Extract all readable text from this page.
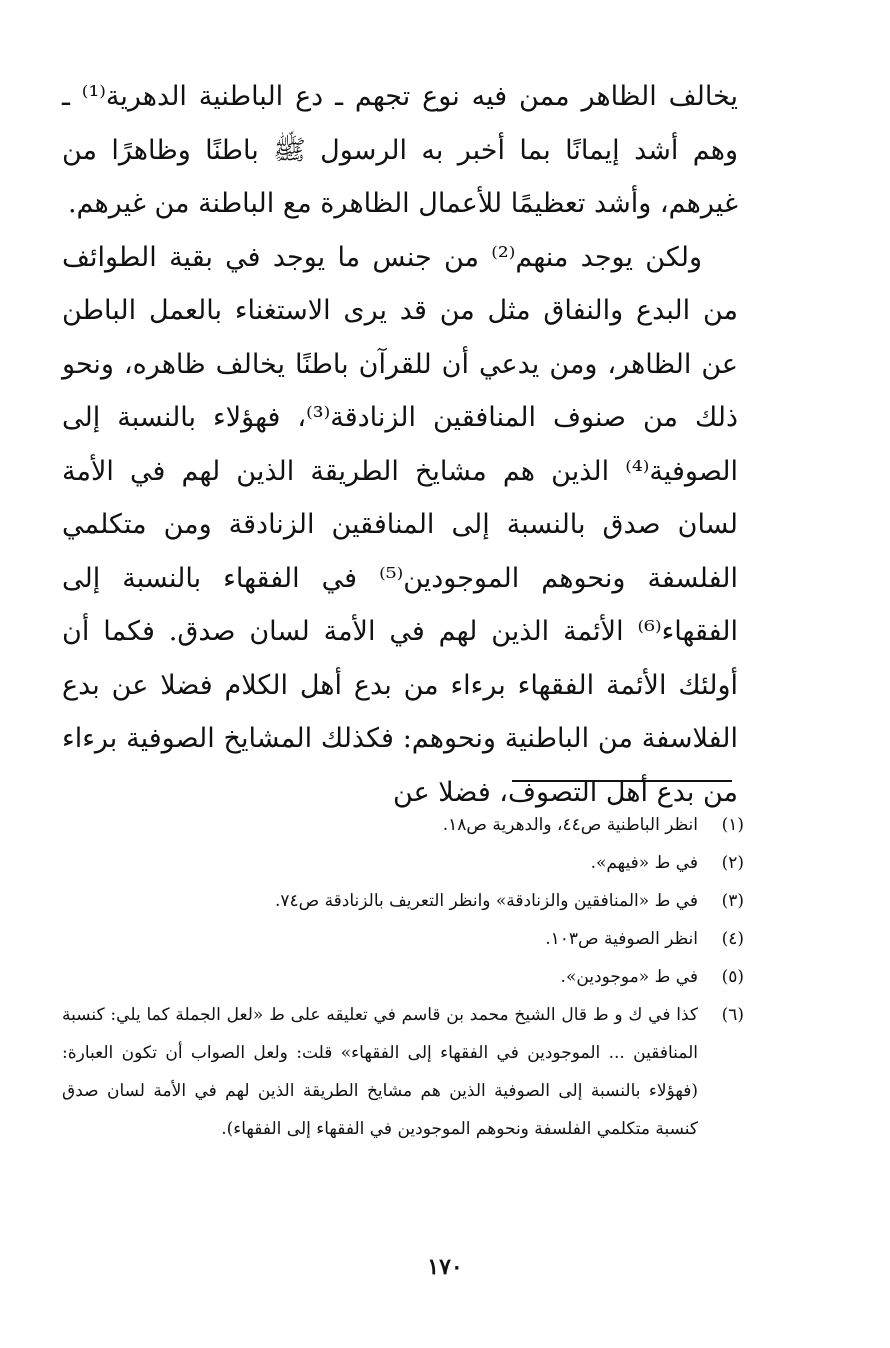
يخالف الظاهر ممن فيه نوع تجهم ـ دع الباطنية الدهرية⁽¹⁾ ـ وهم أشد إيمانًا بما أخبر به الرسول ﷺ باطنًا وظاهرًا من غيرهم، وأشد تعظيمًا للأعمال الظاهرة مع الباطنة من غيرهم.

ولكن يوجد منهم⁽²⁾ من جنس ما يوجد في بقية الطوائف من البدع والنفاق مثل من قد يرى الاستغناء بالعمل الباطن عن الظاهر، ومن يدعي أن للقرآن باطنًا يخالف ظاهره، ونحو ذلك من صنوف المنافقين الزنادقة⁽³⁾، فهؤلاء بالنسبة إلى الصوفية⁽⁴⁾ الذين هم مشايخ الطريقة الذين لهم في الأمة لسان صدق بالنسبة إلى المنافقين الزنادقة ومن متكلمي الفلسفة ونحوهم الموجودين⁽⁵⁾ في الفقهاء بالنسبة إلى الفقهاء⁽⁶⁾ الأئمة الذين لهم في الأمة لسان صدق. فكما أن أولئك الأئمة الفقهاء برءاء من بدع أهل الكلام فضلا عن بدع الفلاسفة من الباطنية ونحوهم: فكذلك المشايخ الصوفية برءاء من بدع أهل التصوف، فضلا عن

(١)
انظر الباطنية ص٤٤، والدهرية ص١٨.
(٢)
في ط «فيهم».
(٣)
في ط «المنافقين والزنادقة» وانظر التعريف بالزنادقة ص٧٤.
(٤)
انظر الصوفية ص١٠٣.
(٥)
في ط «موجودين».
(٦)
كذا في ك و ط قال الشيخ محمد بن قاسم في تعليقه على ط «لعل الجملة كما يلي: كنسبة المنافقين ... الموجودين في الفقهاء إلى الفقهاء» قلت: ولعل الصواب أن تكون العبارة: (فهؤلاء بالنسبة إلى الصوفية الذين هم مشايخ الطريقة الذين لهم في الأمة لسان صدق كنسبة متكلمي الفلسفة ونحوهم الموجودين في الفقهاء إلى الفقهاء).
١٧٠
